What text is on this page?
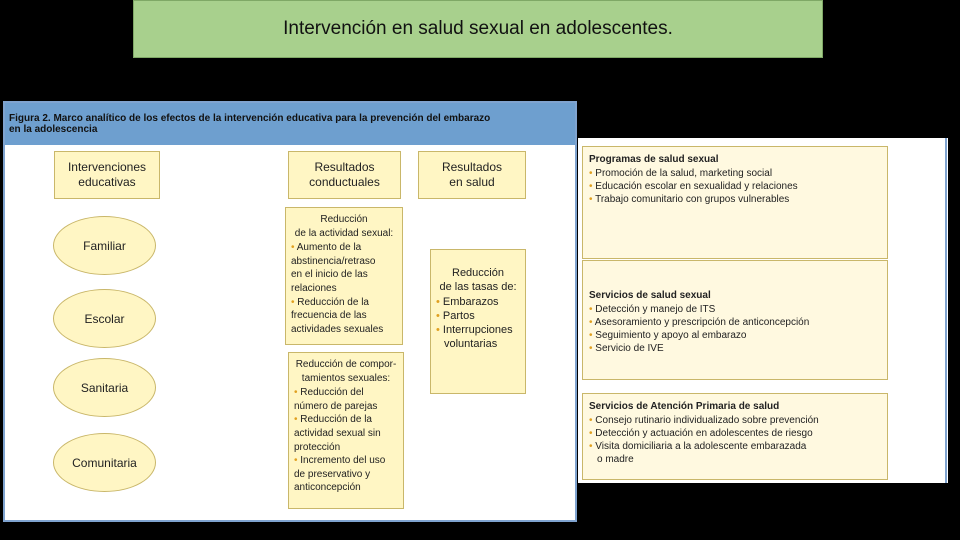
Intervención en salud sexual en adolescentes.
Figura 2. Marco analítico de los efectos de la intervención educativa para la prevención del embarazo
en la adolescencia
Intervenciones
educativas
Resultados
conductuales
Resultados
en salud
Familiar
Escolar
Sanitaria
Comunitaria
Reducción
de la actividad sexual:
• Aumento de la
abstinencia/retraso
en el inicio de las
relaciones
• Reducción de la
frecuencia de las
actividades sexuales
Reducción de compor-
tamientos sexuales:
• Reducción del
número de parejas
• Reducción de la
actividad sexual sin
protección
• Incremento del uso
de preservativo y
anticoncepción
Reducción
de las tasas de:
• Embarazos
• Partos
• Interrupciones
voluntarias
Programas de salud sexual
• Promoción de la salud, marketing social
• Educación escolar en sexualidad y relaciones
• Trabajo comunitario con grupos vulnerables
Servicios de salud sexual
• Detección y manejo de ITS
• Asesoramiento y prescripción de anticoncepción
• Seguimiento y apoyo al embarazo
• Servicio de IVE
Servicios de Atención Primaria de salud
• Consejo rutinario individualizado sobre prevención
• Detección y actuación en adolescentes de riesgo
• Visita domiciliaria a la adolescente embarazada
o madre
